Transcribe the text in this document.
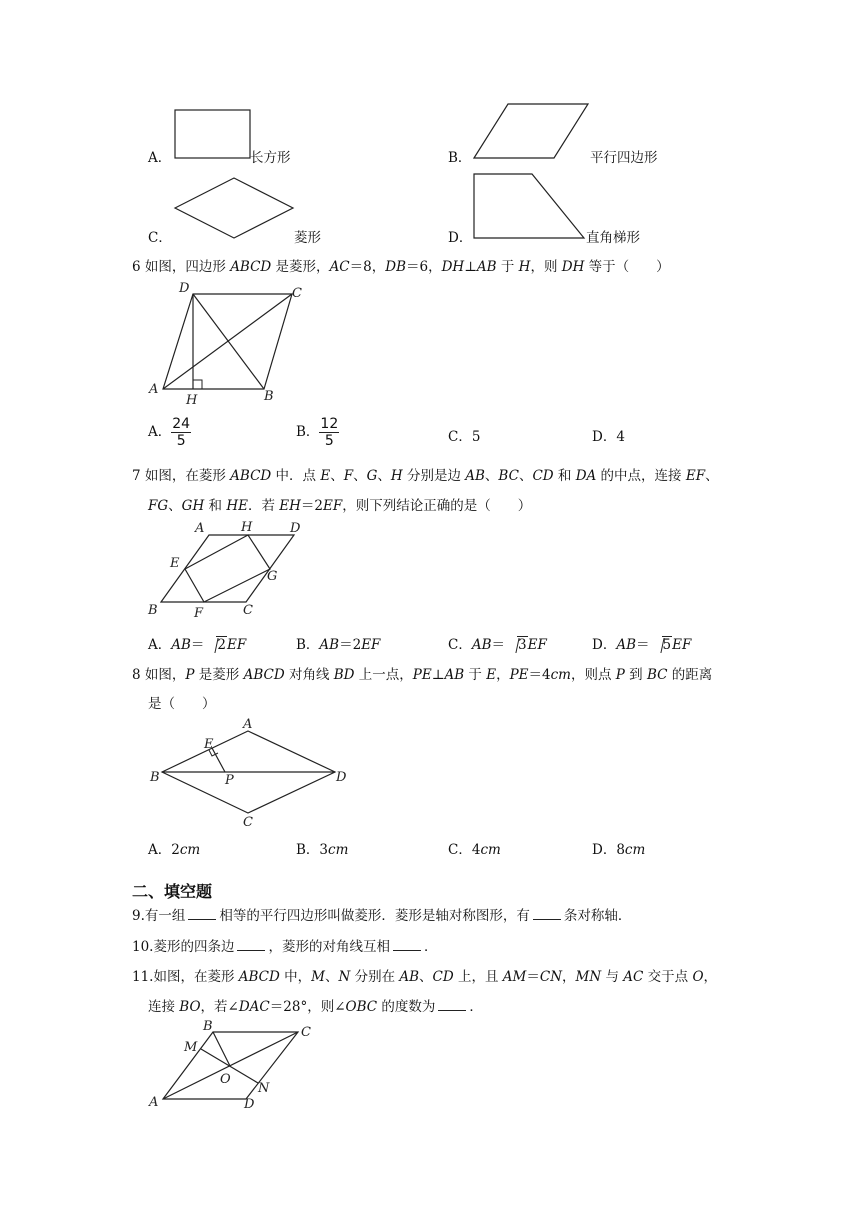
A．	长方形	B．	平行四边形
C．	菱形	D．	直角梯形
6 如图，四边形 ABCD 是菱形，AC＝8，DB＝6，DH⊥AB 于 H，则 DH 等于（　　）
D	C
A
H	B
A． $\frac{24}{5}$	B． $\frac{12}{5}$	C．5	D．4
7 如图，在菱形 ABCD 中．点 E、F、G、H 分别是边 AB、BC、CD 和 DA 的中点，连接 EF、
FG、GH 和 HE．若 EH＝2EF，则下列结论正确的是（　　）
A	H	D
E
G
B	F	C
A．AB＝ 2EF	B．AB＝2EF	C．AB＝ 3EF	D．AB＝ 5EF
8 如图，P 是菱形 ABCD 对角线 BD 上一点，PE⊥AB 于 E，PE＝4cm，则点 P 到 BC 的距离
是（　　）
A
E
B	P	D
C
A．2cm	B．3cm	C．4cm	D．8cm
二、填空题
9.有一组	相等的平行四边形叫做菱形．菱形是轴对称图形，有	条对称轴．
10.菱形的四条边	，菱形的对角线互相	．
11.如图，在菱形 ABCD 中，M、N 分别在 AB、CD 上，且 AM＝CN，MN 与 AC 交于点 O，
连接 BO，若∠DAC＝28°，则∠OBC 的度数为	．
B	C
M
O
N
A	D
